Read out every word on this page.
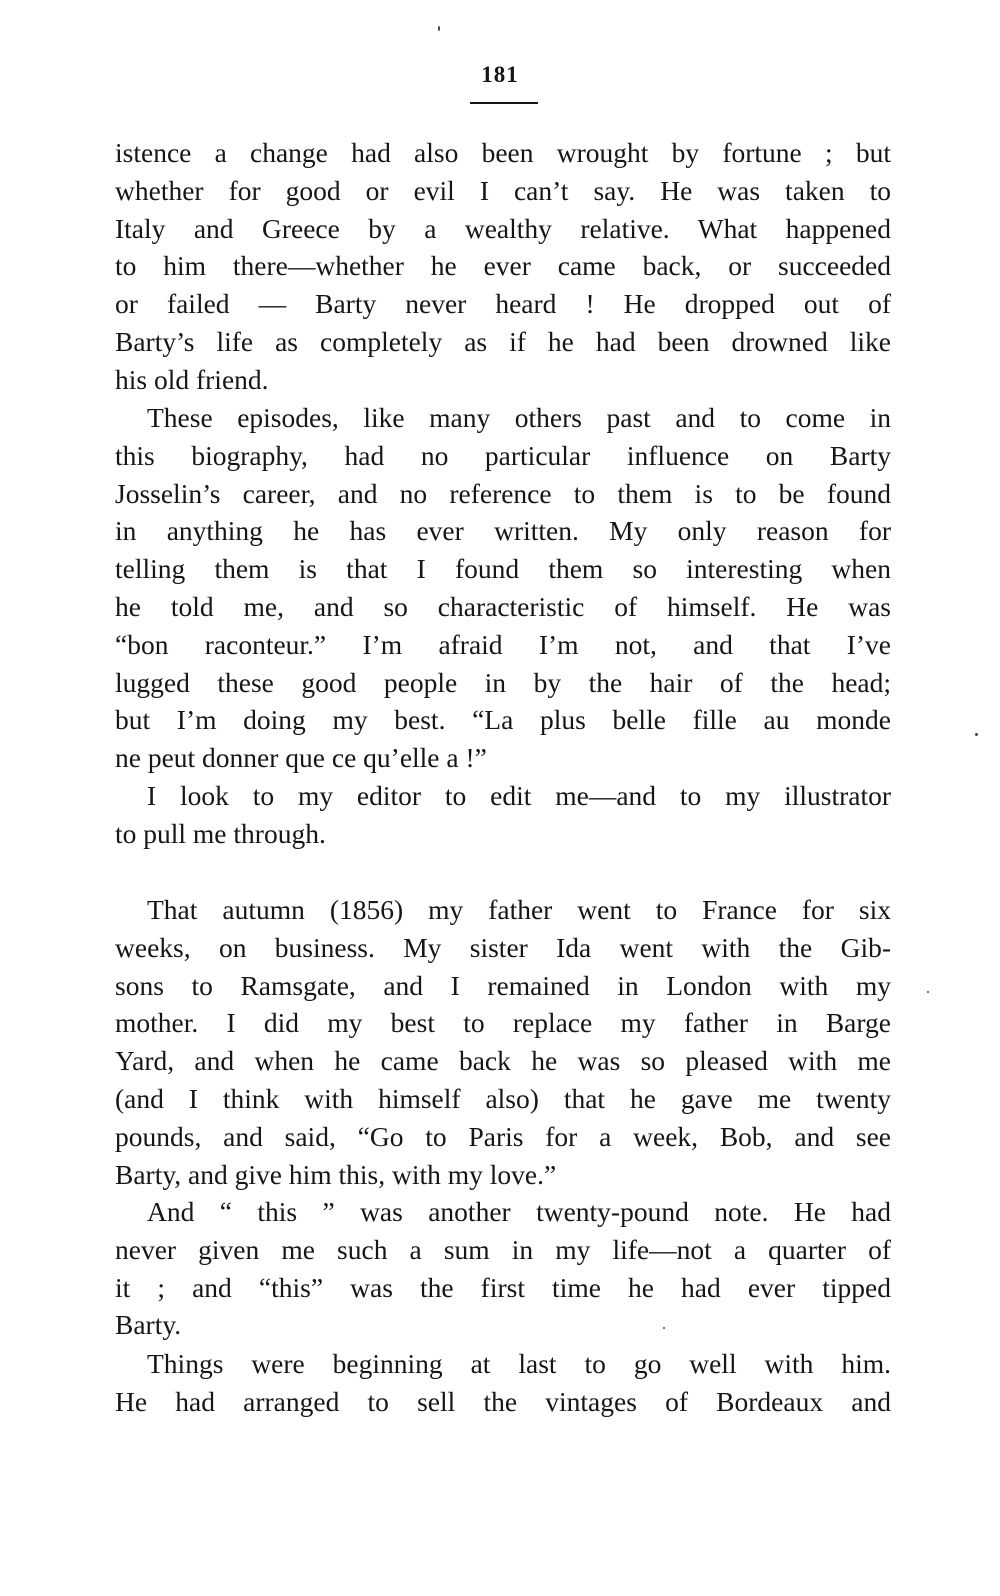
181
istence a change had also been wrought by fortune ; but
whether for good or evil I can’t say. He was taken to
Italy and Greece by a wealthy relative. What happened
to him there—whether he ever came back, or succeeded
or failed — Barty never heard ! He dropped out of
Barty’s life as completely as if he had been drowned like
his old friend.
These episodes, like many others past and to come in
this biography, had no particular influence on Barty
Josselin’s career, and no reference to them is to be found
in anything he has ever written. My only reason for
telling them is that I found them so interesting when
he told me, and so characteristic of himself. He was
“bon raconteur.” I’m afraid I’m not, and that I’ve
lugged these good people in by the hair of the head;
but I’m doing my best. “La plus belle fille au monde
ne peut donner que ce qu’elle a !”
I look to my editor to edit me—and to my illustrator
to pull me through.
That autumn (1856) my father went to France for six
weeks, on business. My sister Ida went with the Gib-
sons to Ramsgate, and I remained in London with my
mother. I did my best to replace my father in Barge
Yard, and when he came back he was so pleased with me
(and I think with himself also) that he gave me twenty
pounds, and said, “Go to Paris for a week, Bob, and see
Barty, and give him this, with my love.”
And “ this ” was another twenty-pound note. He had
never given me such a sum in my life—not a quarter of
it ; and “this” was the first time he had ever tipped
Barty.
Things were beginning at last to go well with him.
He had arranged to sell the vintages of Bordeaux and
